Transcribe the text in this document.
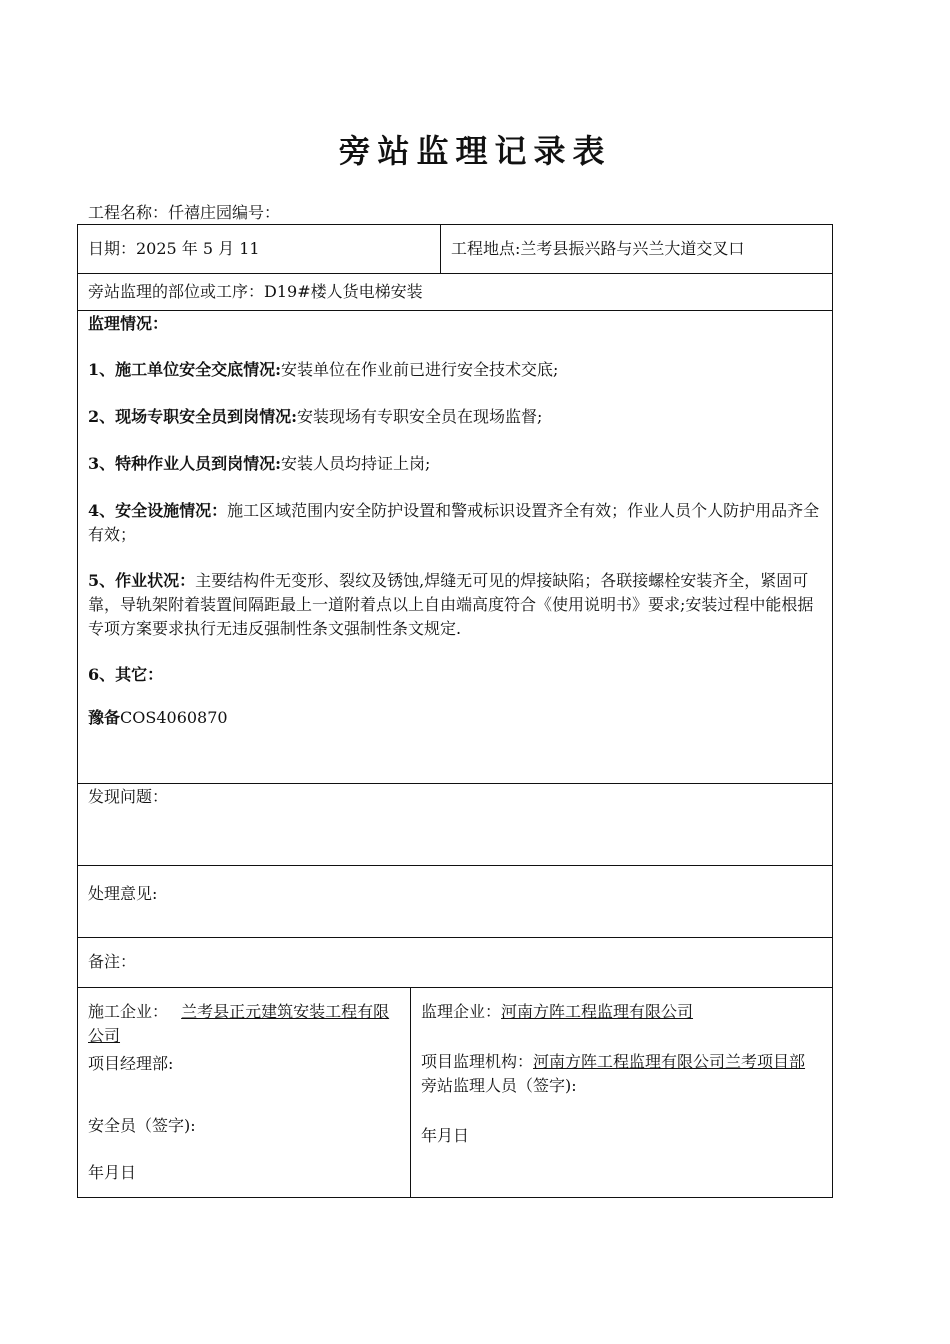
旁站监理记录表
工程名称：仟禧庄园编号：
日期：2025 年 5 月 11	工程地点:兰考县振兴路与兴兰大道交叉口
旁站监理的部位或工序：D19#楼人货电梯安装

监理情况：

1、施工单位安全交底情况:安装单位在作业前已进行安全技术交底;

2、现场专职安全员到岗情况:安装现场有专职安全员在现场监督;

3、特种作业人员到岗情况:安装人员均持证上岗;

4、安全设施情况：施工区域范围内安全防护设置和警戒标识设置齐全有效；作业人员个人防护用品齐全有效；

5、作业状况：主要结构件无变形、裂纹及锈蚀,焊缝无可见的焊接缺陷；各联接螺栓安装齐全，紧固可靠，导轨架附着装置间隔距最上一道附着点以上自由端高度符合《使用说明书》要求;安装过程中能根据专项方案要求执行无违反强制性条文强制性条文规定.

6、其它：

豫备COS4060870

发现问题：
处理意见:
备注：

施工企业： 兰考县正元建筑安装工程有限公司

项目经理部:

安全员（签字):

年月日

监理企业：河南方阵工程监理有限公司

项目监理机构： 河南方阵工程监理有限公司兰考项目部

旁站监理人员（签字):

年月日
